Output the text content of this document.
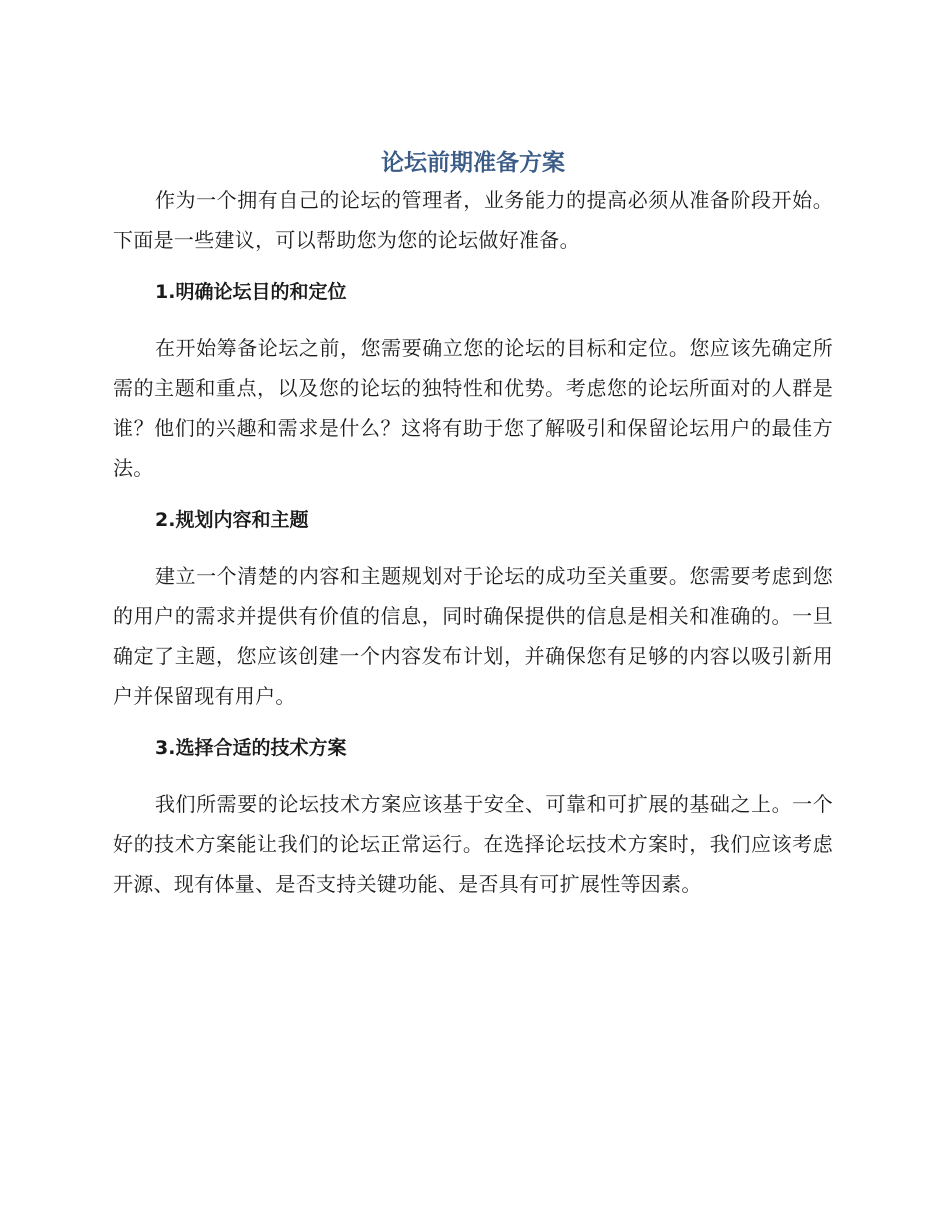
论坛前期准备方案

作为一个拥有自己的论坛的管理者，业务能力的提高必须从准备阶段开始。下面是一些建议，可以帮助您为您的论坛做好准备。

1.明确论坛目的和定位

在开始筹备论坛之前，您需要确立您的论坛的目标和定位。您应该先确定所需的主题和重点，以及您的论坛的独特性和优势。考虑您的论坛所面对的人群是谁？他们的兴趣和需求是什么？这将有助于您了解吸引和保留论坛用户的最佳方法。

2.规划内容和主题

建立一个清楚的内容和主题规划对于论坛的成功至关重要。您需要考虑到您的用户的需求并提供有价值的信息，同时确保提供的信息是相关和准确的。一旦确定了主题，您应该创建一个内容发布计划，并确保您有足够的内容以吸引新用户并保留现有用户。

3.选择合适的技术方案

我们所需要的论坛技术方案应该基于安全、可靠和可扩展的基础之上。一个好的技术方案能让我们的论坛正常运行。在选择论坛技术方案时，我们应该考虑开源、现有体量、是否支持关键功能、是否具有可扩展性等因素。
